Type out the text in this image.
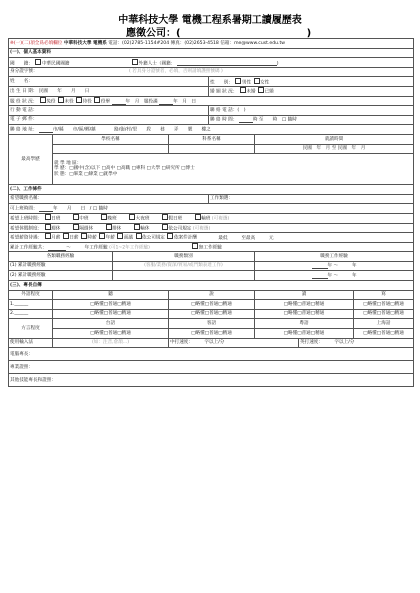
中華科技大學 電機工程系暑期工讀履歷表
應徵公司：(	)
※(一)(二)項全爲必填欄位 中華科技大學 電機系 電話：(02)2785-1154#204 傳真：(02)2653-4518 信箱：me@www.cust.edu.tw							
(一)、個人基本資料							
國　　籍： 中華民國國籍 外籍人士（國籍： )							
身分證字號： ( 若具身分證號者，必填，否則請填護照號碼 )							
姓　　名：				性　　別： 男性 女性			
出 生 日 期： 民國　　年　　月　　日				婚 姻 狀 況： 未婚 已婚			
服 役 狀 況： 免役 未役 待役 役畢 年　月　服役滿 年　月　日							
行 動 電 話：				聯 絡 電 話：(　)			
電 子 郵 件：				聯 絡 時 間： 時 至　　時　□ 隨時			
聯 絡 地 址： 市/縣　　市/區/鄉/鎮　　　　路/街/村/里　　段　　巷　　弄　　號　　樓之							
最高學歷	學校名稱		科系名稱		就讀時間		
					民國　年　月 至 民國　年　月		

	就 學 地 區：
學 歷：□國中(含)以下 □高中 □高職 □專科 □大學 □研究所 □博士
狀 態：□畢業 □肄業 □就學中						

(二)、工作條件							
希望職務名稱：				工作類選：			
可上班時間： 年　　月　　日　/ □ 隨時							
希望上班時間： 日班 中班 晚班 大夜班 假日班 輪班 (可複選)							
希望休假制度： 週休 隔週休 排休 輪休 依公司規定 (可複選)							
希望薪資待遇： 月薪 日薪 時薪 年薪 面議 依公司規定 依案件計酬 最低　　　至最高　　　元							
累計工作經驗共： ～　　　年工作經驗 (可1~2年工作經驗) 無工作經驗							
各類職務經驗		職務類別			職務工作經驗		
(1) 累計職務經驗		(客服/業務/資深/貿易/或門類表達工作)			年 ～　　　年		
(2) 累計職務經驗					年 ～　　　年		
(三)、專長自傳							
外語程度	聽		說		讀		寫
1.______	□略懂□普通□精通		□略懂□普通□精通		□略懂□普通□精通		□略懂□普通□精通
2.______	□略懂□普通□精通		□略懂□普通□精通		□略懂□普通□精通		□略懂□普通□精通
方言程度	台語		客語		粵語		上海話
	□略懂□普通□精通		□略懂□普通□精通		□略懂□普通□精通		□略懂□普通□精通
使用輸入法	(如：注音,倉頡...)		中打速度：　　　字以上/分			英打速度：　　　字以上/分	
電腦專長：							
專業證照：							
其他技能專長和證照：							
